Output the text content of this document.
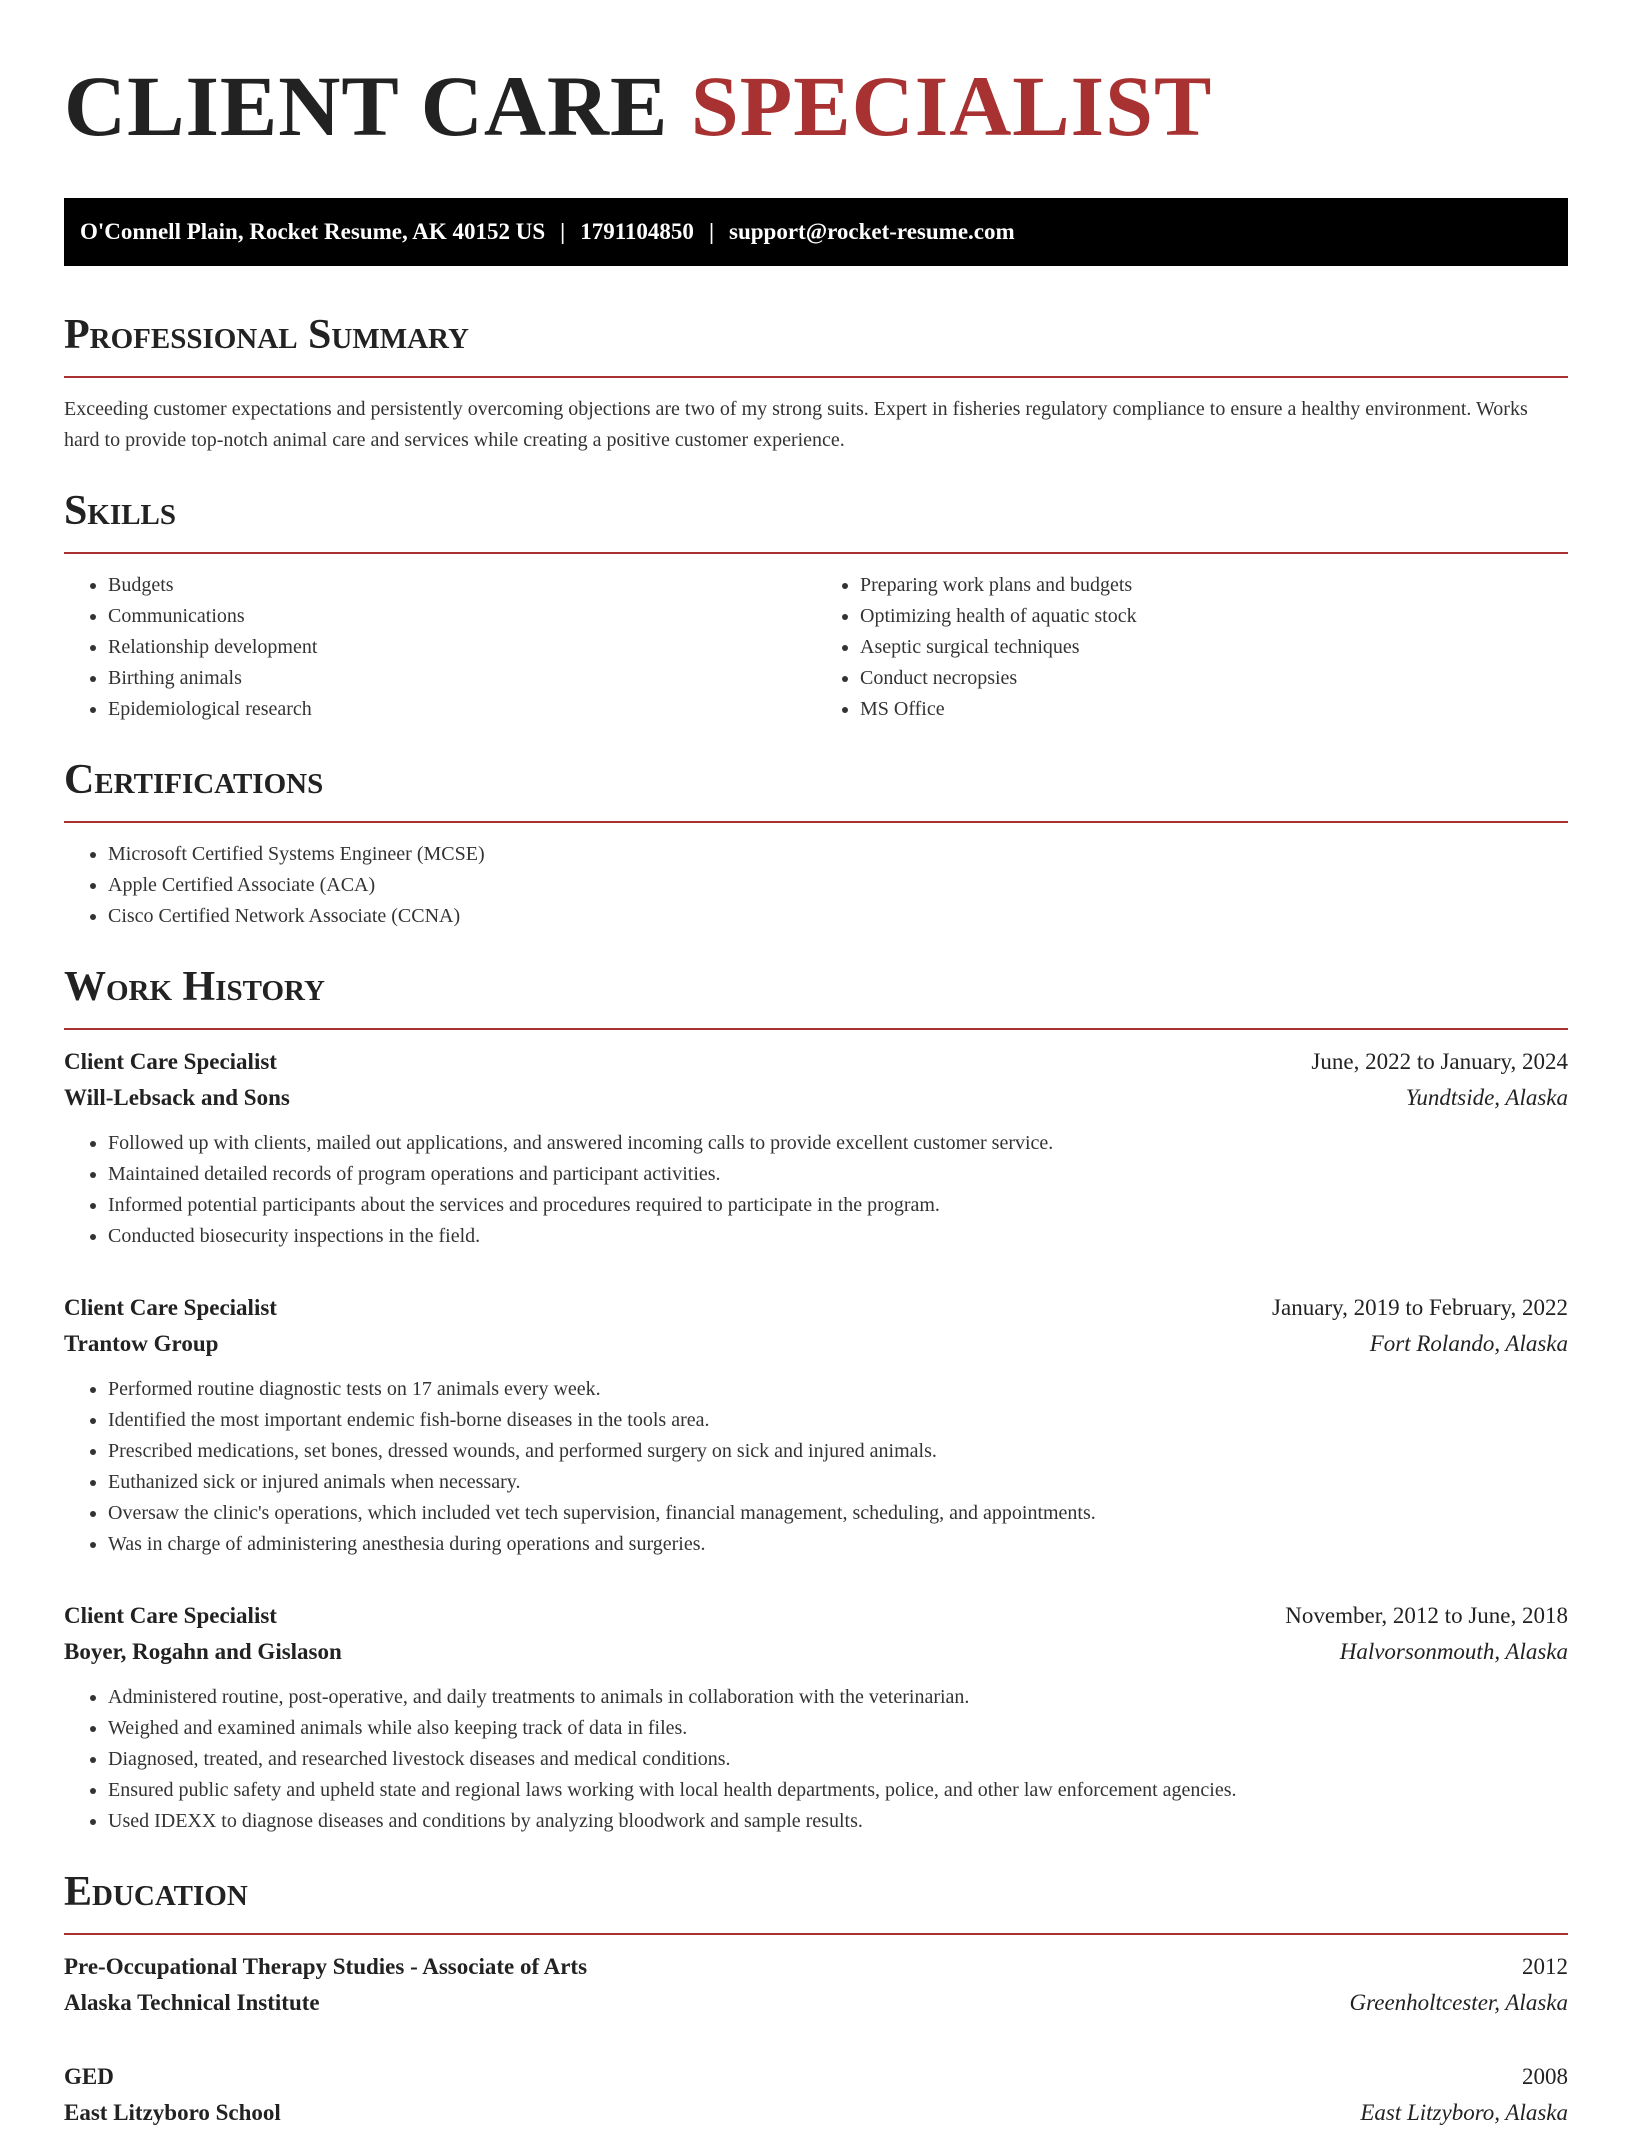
CLIENT CARE SPECIALIST
O'Connell Plain, Rocket Resume, AK 40152 US | 1791104850 | support@rocket-resume.com
Professional Summary

Exceeding customer expectations and persistently overcoming objections are two of my strong suits. Expert in fisheries regulatory compliance to ensure a healthy environment. Works hard to provide top-notch animal care and services while creating a positive customer experience.

Skills
• Budgets
• Communications
• Relationship development
• Birthing animals
• Epidemiological research
• Preparing work plans and budgets
• Optimizing health of aquatic stock
• Aseptic surgical techniques
• Conduct necropsies
• MS Office
Certifications
• Microsoft Certified Systems Engineer (MCSE)
• Apple Certified Associate (ACA)
• Cisco Certified Network Associate (CCNA)
Work History
Client Care Specialist	June, 2022 to January, 2024
Will-Lebsack and Sons	Yundtside, Alaska
• Followed up with clients, mailed out applications, and answered incoming calls to provide excellent customer service.
• Maintained detailed records of program operations and participant activities.
• Informed potential participants about the services and procedures required to participate in the program.
• Conducted biosecurity inspections in the field.
Client Care Specialist	January, 2019 to February, 2022
Trantow Group	Fort Rolando, Alaska
• Performed routine diagnostic tests on 17 animals every week.
• Identified the most important endemic fish-borne diseases in the tools area.
• Prescribed medications, set bones, dressed wounds, and performed surgery on sick and injured animals.
• Euthanized sick or injured animals when necessary.
• Oversaw the clinic's operations, which included vet tech supervision, financial management, scheduling, and appointments.
• Was in charge of administering anesthesia during operations and surgeries.
Client Care Specialist	November, 2012 to June, 2018
Boyer, Rogahn and Gislason	Halvorsonmouth, Alaska
• Administered routine, post-operative, and daily treatments to animals in collaboration with the veterinarian.
• Weighed and examined animals while also keeping track of data in files.
• Diagnosed, treated, and researched livestock diseases and medical conditions.
• Ensured public safety and upheld state and regional laws working with local health departments, police, and other law enforcement agencies.
• Used IDEXX to diagnose diseases and conditions by analyzing bloodwork and sample results.
Education
Pre-Occupational Therapy Studies - Associate of Arts	2012
Alaska Technical Institute	Greenholtcester, Alaska
GED	2008
East Litzyboro School	East Litzyboro, Alaska
